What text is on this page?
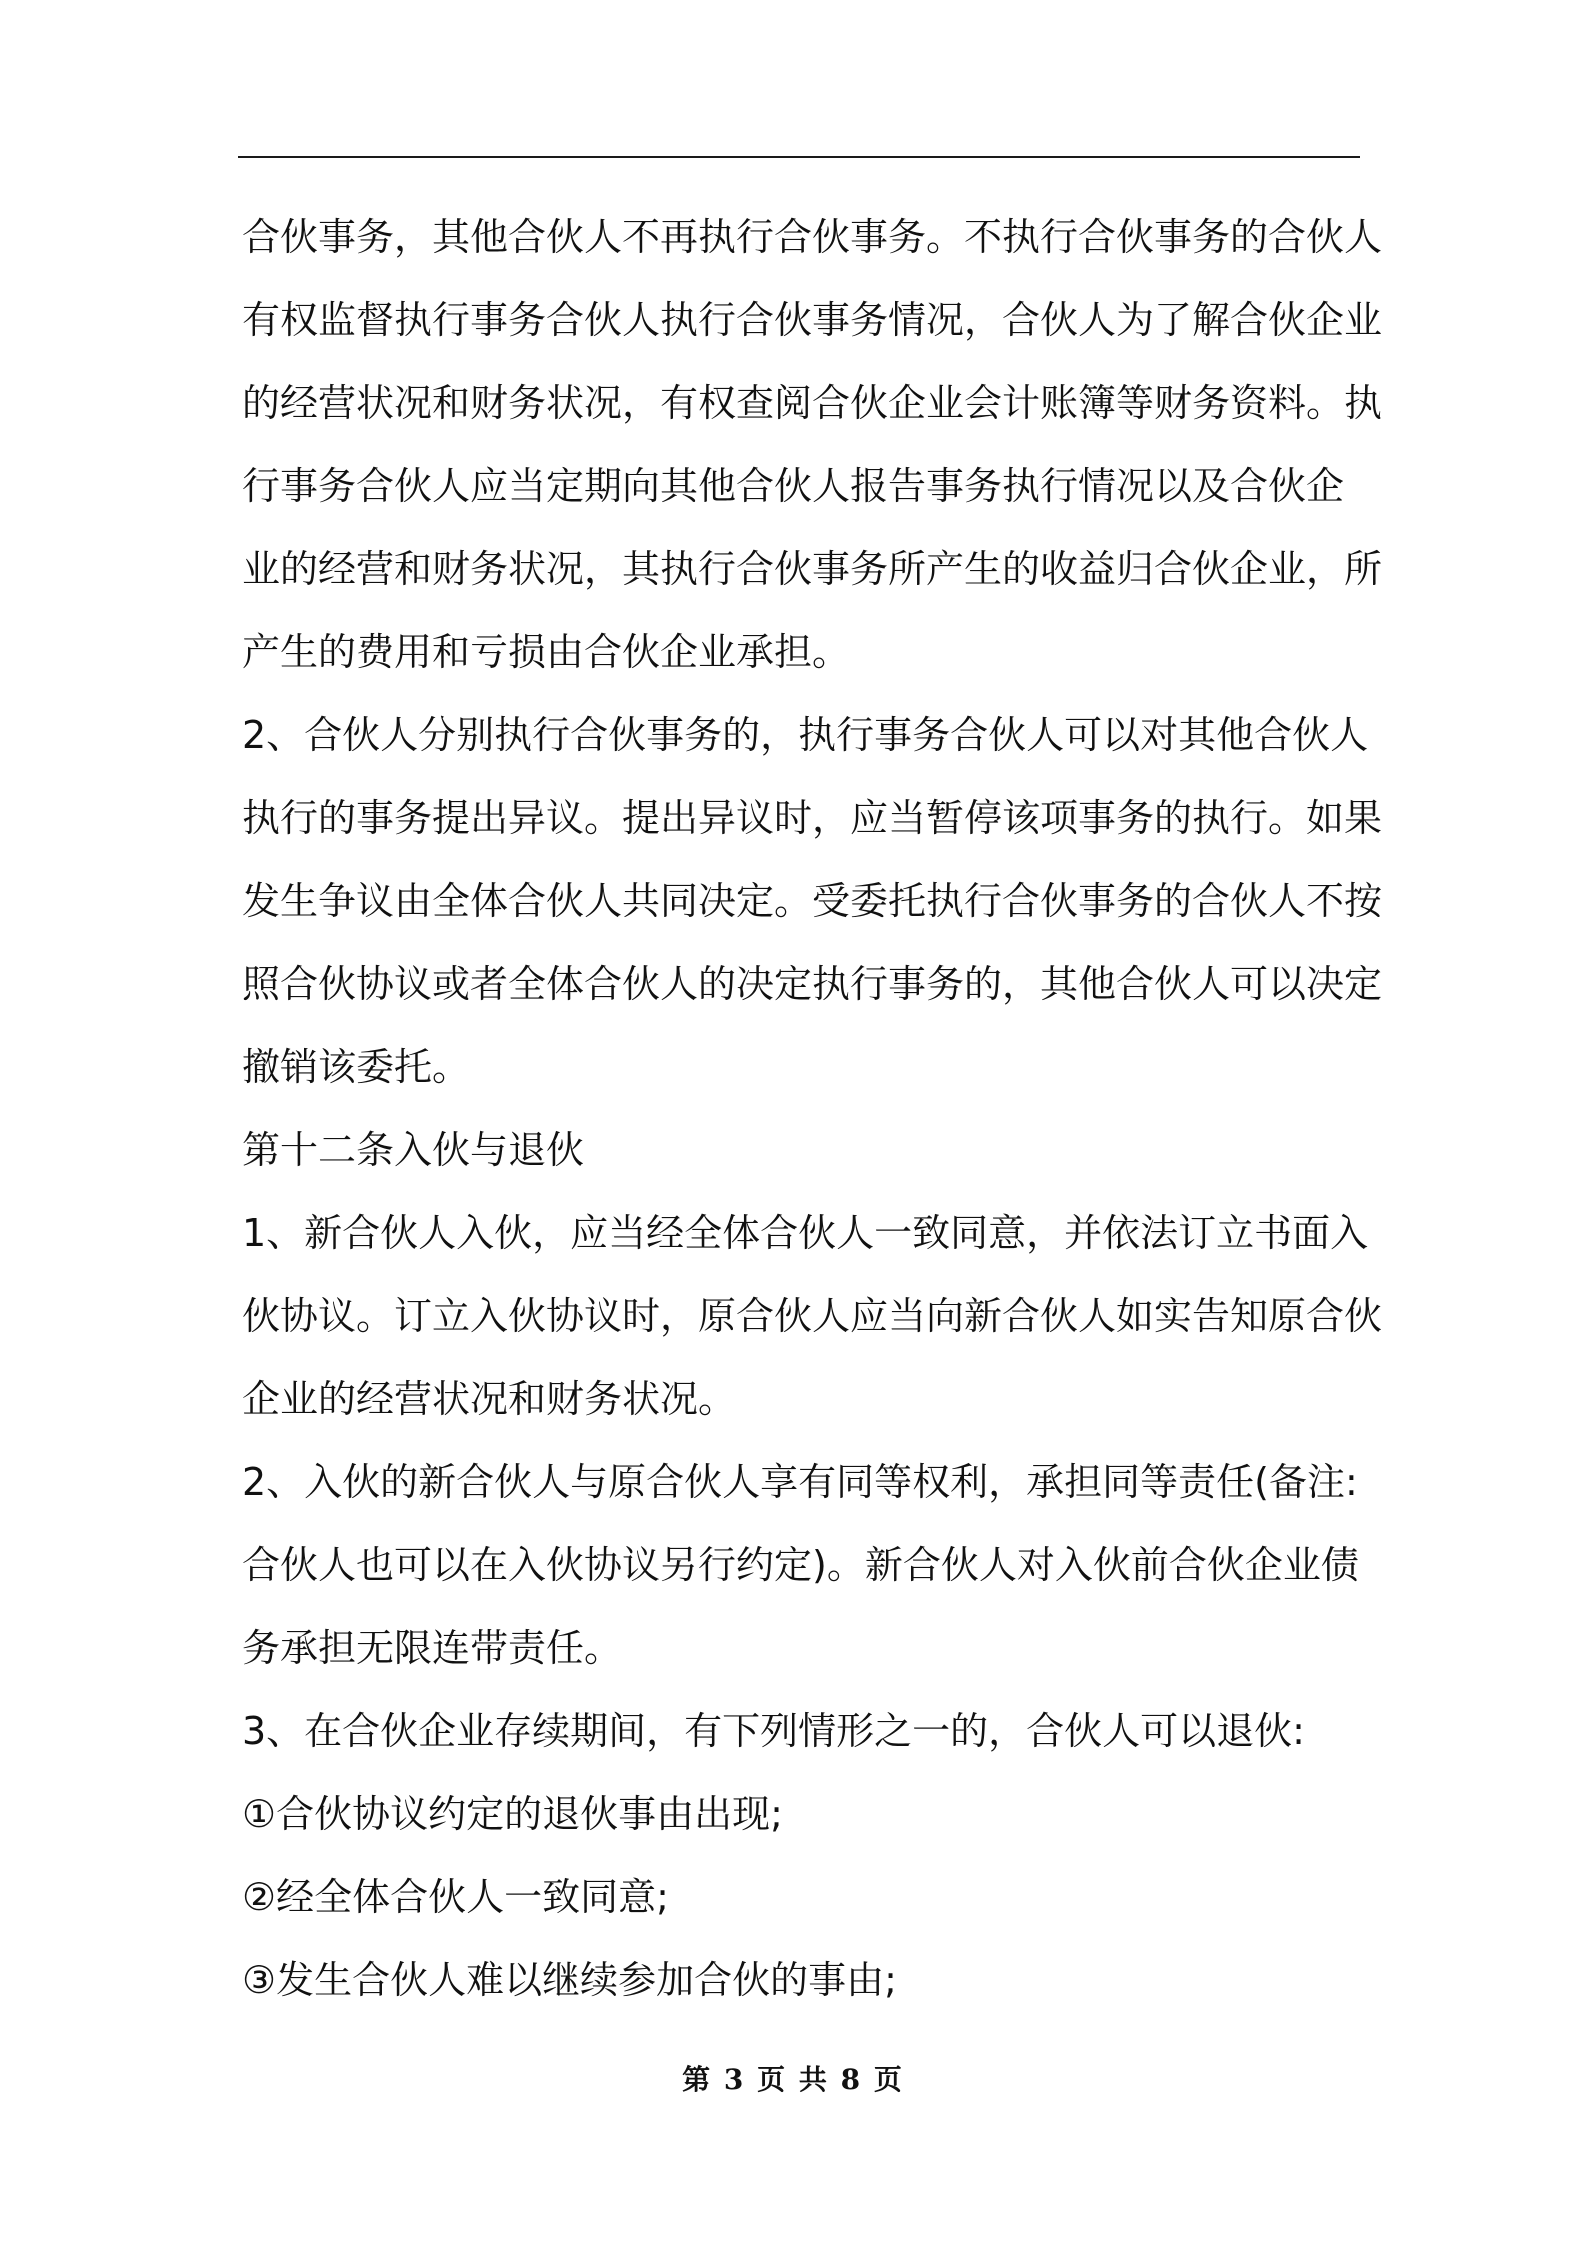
合伙事务，其他合伙人不再执行合伙事务。不执行合伙事务的合伙人
有权监督执行事务合伙人执行合伙事务情况，合伙人为了解合伙企业
的经营状况和财务状况，有权查阅合伙企业会计账簿等财务资料。执
行事务合伙人应当定期向其他合伙人报告事务执行情况以及合伙企
业的经营和财务状况，其执行合伙事务所产生的收益归合伙企业，所
产生的费用和亏损由合伙企业承担。
2、合伙人分别执行合伙事务的，执行事务合伙人可以对其他合伙人
执行的事务提出异议。提出异议时，应当暂停该项事务的执行。如果
发生争议由全体合伙人共同决定。受委托执行合伙事务的合伙人不按
照合伙协议或者全体合伙人的决定执行事务的，其他合伙人可以决定
撤销该委托。
第十二条入伙与退伙
1、新合伙人入伙，应当经全体合伙人一致同意，并依法订立书面入
伙协议。订立入伙协议时，原合伙人应当向新合伙人如实告知原合伙
企业的经营状况和财务状况。
2、入伙的新合伙人与原合伙人享有同等权利，承担同等责任(备注:
合伙人也可以在入伙协议另行约定)。新合伙人对入伙前合伙企业债
务承担无限连带责任。
3、在合伙企业存续期间，有下列情形之一的，合伙人可以退伙:
①合伙协议约定的退伙事由出现;
②经全体合伙人一致同意;
③发生合伙人难以继续参加合伙的事由;
第 3 页 共 8 页
